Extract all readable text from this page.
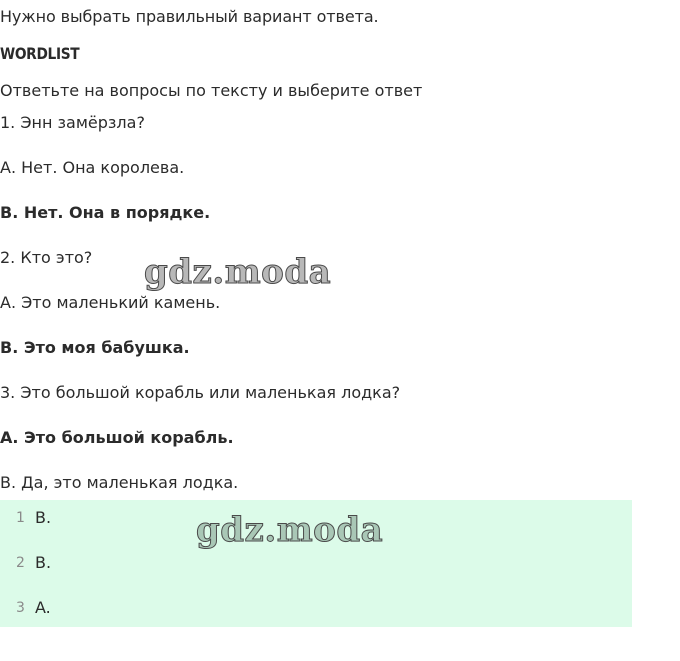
Нужно выбрать правильный вариант ответа.
WORDLIST
Ответьте на вопросы по тексту и выберите ответ
1. Энн замёрзла?
А. Нет. Она королева.
B. Нет. Она в порядке.
2. Кто это?
А. Это маленький камень.
B. Это моя бабушка.
3. Это большой корабль или маленькая лодка?
А. Это большой корабль.
B. Да, это маленькая лодка.
1 B.
2 B.
3 A.
gdz.moda
gdz.moda
